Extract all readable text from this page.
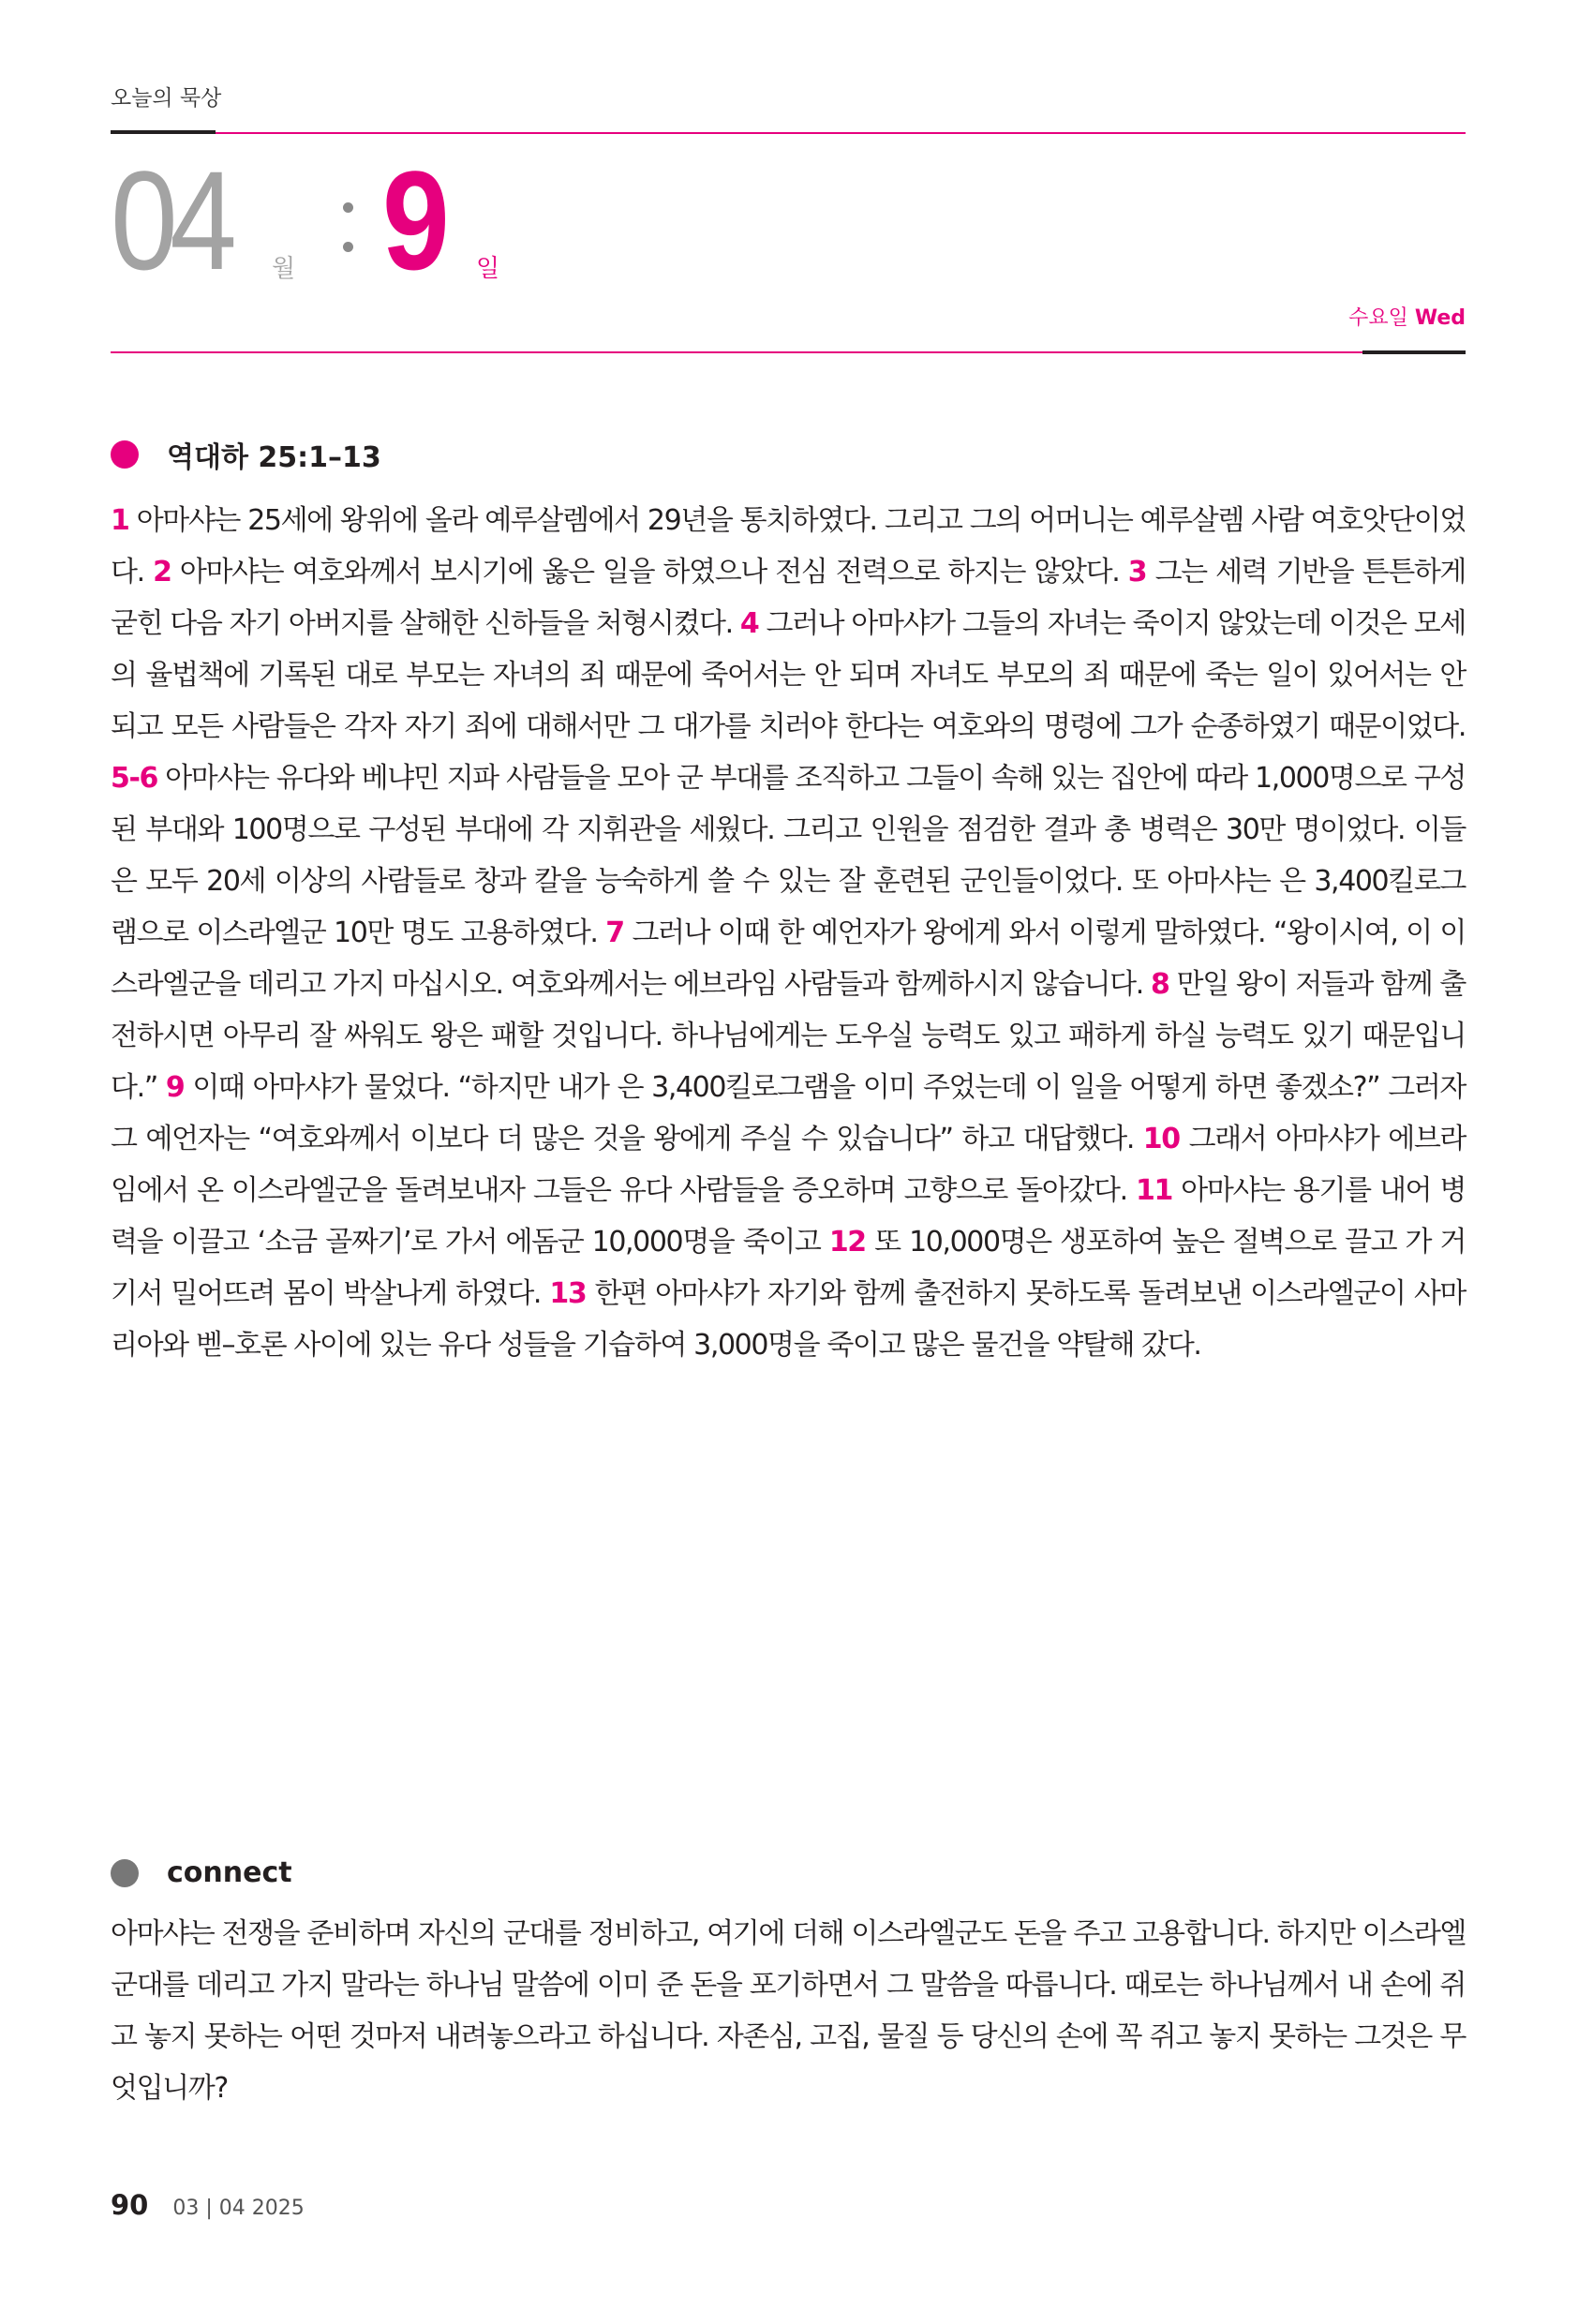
오늘의 묵상
04 월 9 일
수요일 Wed
역대하 25:1–13
1 아마샤는 25세에 왕위에 올라 예루살렘에서 29년을 통치하였다. 그리고 그의 어머니는 예루살렘 사람 여호앗단이었다. 2 아마샤는 여호와께서 보시기에 옳은 일을 하였으나 전심 전력으로 하지는 않았다. 3 그는 세력 기반을 튼튼하게 굳힌 다음 자기 아버지를 살해한 신하들을 처형시켰다. 4 그러나 아마샤가 그들의 자녀는 죽이지 않았는데 이것은 모세의 율법책에 기록된 대로 부모는 자녀의 죄 때문에 죽어서는 안 되며 자녀도 부모의 죄 때문에 죽는 일이 있어서는 안 되고 모든 사람들은 각자 자기 죄에 대해서만 그 대가를 치러야 한다는 여호와의 명령에 그가 순종하였기 때문이었다. 5-6 아마샤는 유다와 베냐민 지파 사람들을 모아 군 부대를 조직하고 그들이 속해 있는 집안에 따라 1,000명으로 구성된 부대와 100명으로 구성된 부대에 각 지휘관을 세웠다. 그리고 인원을 점검한 결과 총 병력은 30만 명이었다. 이들은 모두 20세 이상의 사람들로 창과 칼을 능숙하게 쓸 수 있는 잘 훈련된 군인들이었다. 또 아마샤는 은 3,400킬로그램으로 이스라엘군 10만 명도 고용하였다. 7 그러나 이때 한 예언자가 왕에게 와서 이렇게 말하였다. “왕이시여, 이 이스라엘군을 데리고 가지 마십시오. 여호와께서는 에브라임 사람들과 함께하시지 않습니다. 8 만일 왕이 저들과 함께 출전하시면 아무리 잘 싸워도 왕은 패할 것입니다. 하나님에게는 도우실 능력도 있고 패하게 하실 능력도 있기 때문입니다.” 9 이때 아마샤가 물었다. “하지만 내가 은 3,400킬로그램을 이미 주었는데 이 일을 어떻게 하면 좋겠소?” 그러자 그 예언자는 “여호와께서 이보다 더 많은 것을 왕에게 주실 수 있습니다” 하고 대답했다. 10 그래서 아마샤가 에브라임에서 온 이스라엘군을 돌려보내자 그들은 유다 사람들을 증오하며 고향으로 돌아갔다. 11 아마샤는 용기를 내어 병력을 이끌고 ‘소금 골짜기’로 가서 에돔군 10,000명을 죽이고 12 또 10,000명은 생포하여 높은 절벽으로 끌고 가 거기서 밀어뜨려 몸이 박살나게 하였다. 13 한편 아마샤가 자기와 함께 출전하지 못하도록 돌려보낸 이스라엘군이 사마리아와 벧–호론 사이에 있는 유다 성들을 기습하여 3,000명을 죽이고 많은 물건을 약탈해 갔다.
connect
아마샤는 전쟁을 준비하며 자신의 군대를 정비하고, 여기에 더해 이스라엘군도 돈을 주고 고용합니다. 하지만 이스라엘 군대를 데리고 가지 말라는 하나님 말씀에 이미 준 돈을 포기하면서 그 말씀을 따릅니다. 때로는 하나님께서 내 손에 쥐고 놓지 못하는 어떤 것마저 내려놓으라고 하십니다. 자존심, 고집, 물질 등 당신의 손에 꼭 쥐고 놓지 못하는 그것은 무엇입니까?
90 03 | 04 2025
